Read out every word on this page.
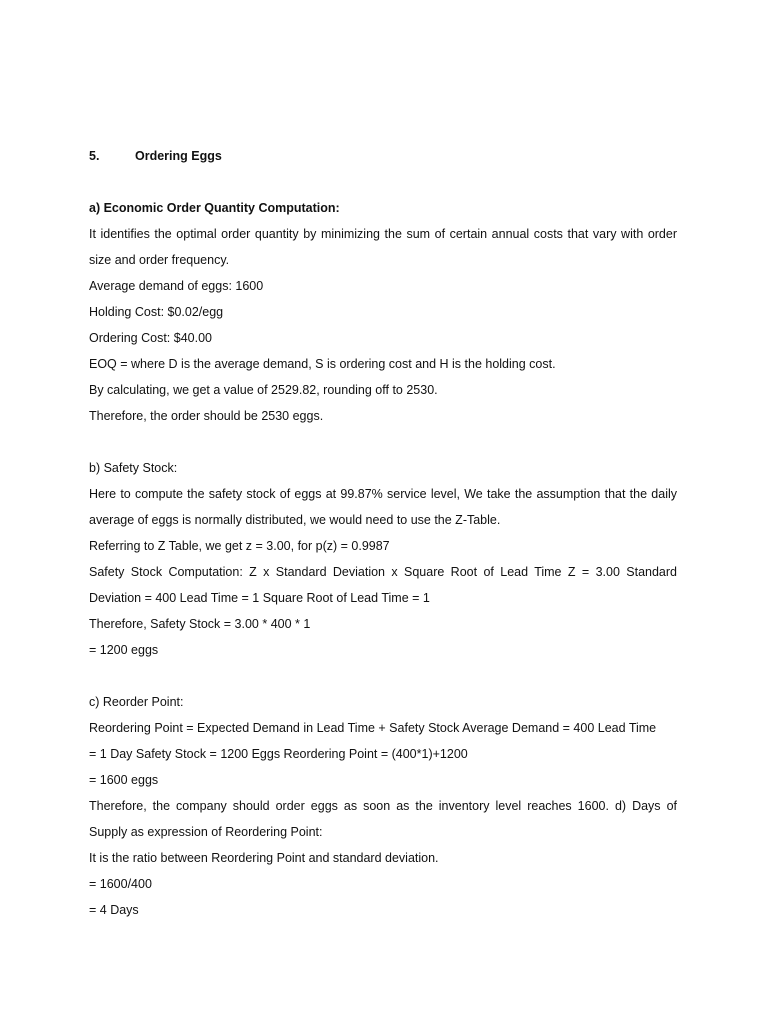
5.	Ordering Eggs
a) Economic Order Quantity Computation:
It identifies the optimal order quantity by minimizing the sum of certain annual costs that vary with order size and order frequency.
Average demand of eggs: 1600
Holding Cost: $0.02/egg
Ordering Cost: $40.00
EOQ = where D is the average demand, S is ordering cost and H is the holding cost.
By calculating, we get a value of 2529.82, rounding off to 2530.
Therefore, the order should be 2530 eggs.
b) Safety Stock:
Here to compute the safety stock of eggs at 99.87% service level, We take the assumption that the daily average of eggs is normally distributed, we would need to use the Z-Table.
Referring to Z Table, we get z = 3.00, for p(z) = 0.9987
Safety Stock Computation: Z x Standard Deviation x Square Root of Lead Time Z = 3.00 Standard Deviation = 400 Lead Time = 1 Square Root of Lead Time = 1
Therefore, Safety Stock = 3.00 * 400 * 1
= 1200 eggs
c) Reorder Point:
Reordering Point = Expected Demand in Lead Time + Safety Stock Average Demand = 400 Lead Time
= 1 Day Safety Stock = 1200 Eggs Reordering Point = (400*1)+1200
= 1600 eggs
Therefore, the company should order eggs as soon as the inventory level reaches 1600. d) Days of Supply as expression of Reordering Point:
It is the ratio between Reordering Point and standard deviation.
= 1600/400
= 4 Days
